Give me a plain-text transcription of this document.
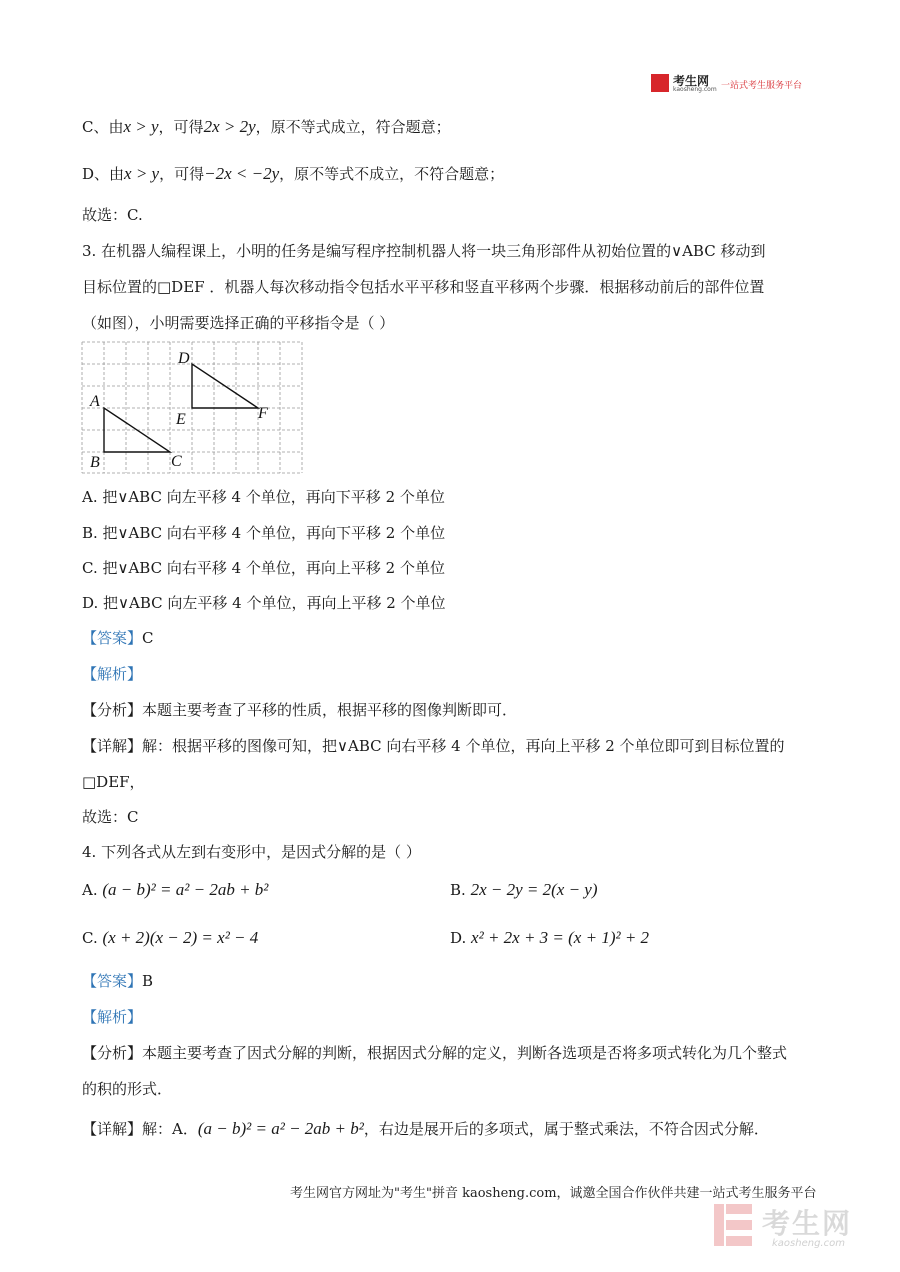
考生网
kaosheng.com 一站式考生服务平台
C、由x > y，可得2x > 2y，原不等式成立，符合题意；
D、由x > y，可得−2x < −2y，原不等式不成立，不符合题意；
故选：C.
3. 在机器人编程课上，小明的任务是编写程序控制机器人将一块三角形部件从初始位置的∨ABC 移动到
目标位置的□DEF ．机器人每次移动指令包括水平平移和竖直平移两个步骤．根据移动前后的部件位置
（如图），小明需要选择正确的平移指令是（ ）
A
B	C
D
E	F
A. 把∨ABC 向左平移 4 个单位，再向下平移 2 个单位
B. 把∨ABC 向右平移 4 个单位，再向下平移 2 个单位
C. 把∨ABC 向右平移 4 个单位，再向上平移 2 个单位
D. 把∨ABC 向左平移 4 个单位，再向上平移 2 个单位
【答案】C
【解析】
【分析】本题主要考查了平移的性质，根据平移的图像判断即可．
【详解】解：根据平移的图像可知，把∨ABC 向右平移 4 个单位，再向上平移 2 个单位即可到目标位置的
□DEF，
故选：C
4. 下列各式从左到右变形中，是因式分解的是（ ）
A. (a − b)² = a² − 2ab + b²	B. 2x − 2y = 2(x − y)
C. (x + 2)(x − 2) = x² − 4	D. x² + 2x + 3 = (x + 1)² + 2
【答案】B
【解析】
【分析】本题主要考查了因式分解的判断，根据因式分解的定义，判断各选项是否将多项式转化为几个整式
的积的形式．
【详解】解：A．(a − b)² = a² − 2ab + b²，右边是展开后的多项式，属于整式乘法，不符合因式分解．
考生网官方网址为"考生"拼音 kaosheng.com，诚邀全国合作伙伴共建一站式考生服务平台
考生网
kaosheng.com
